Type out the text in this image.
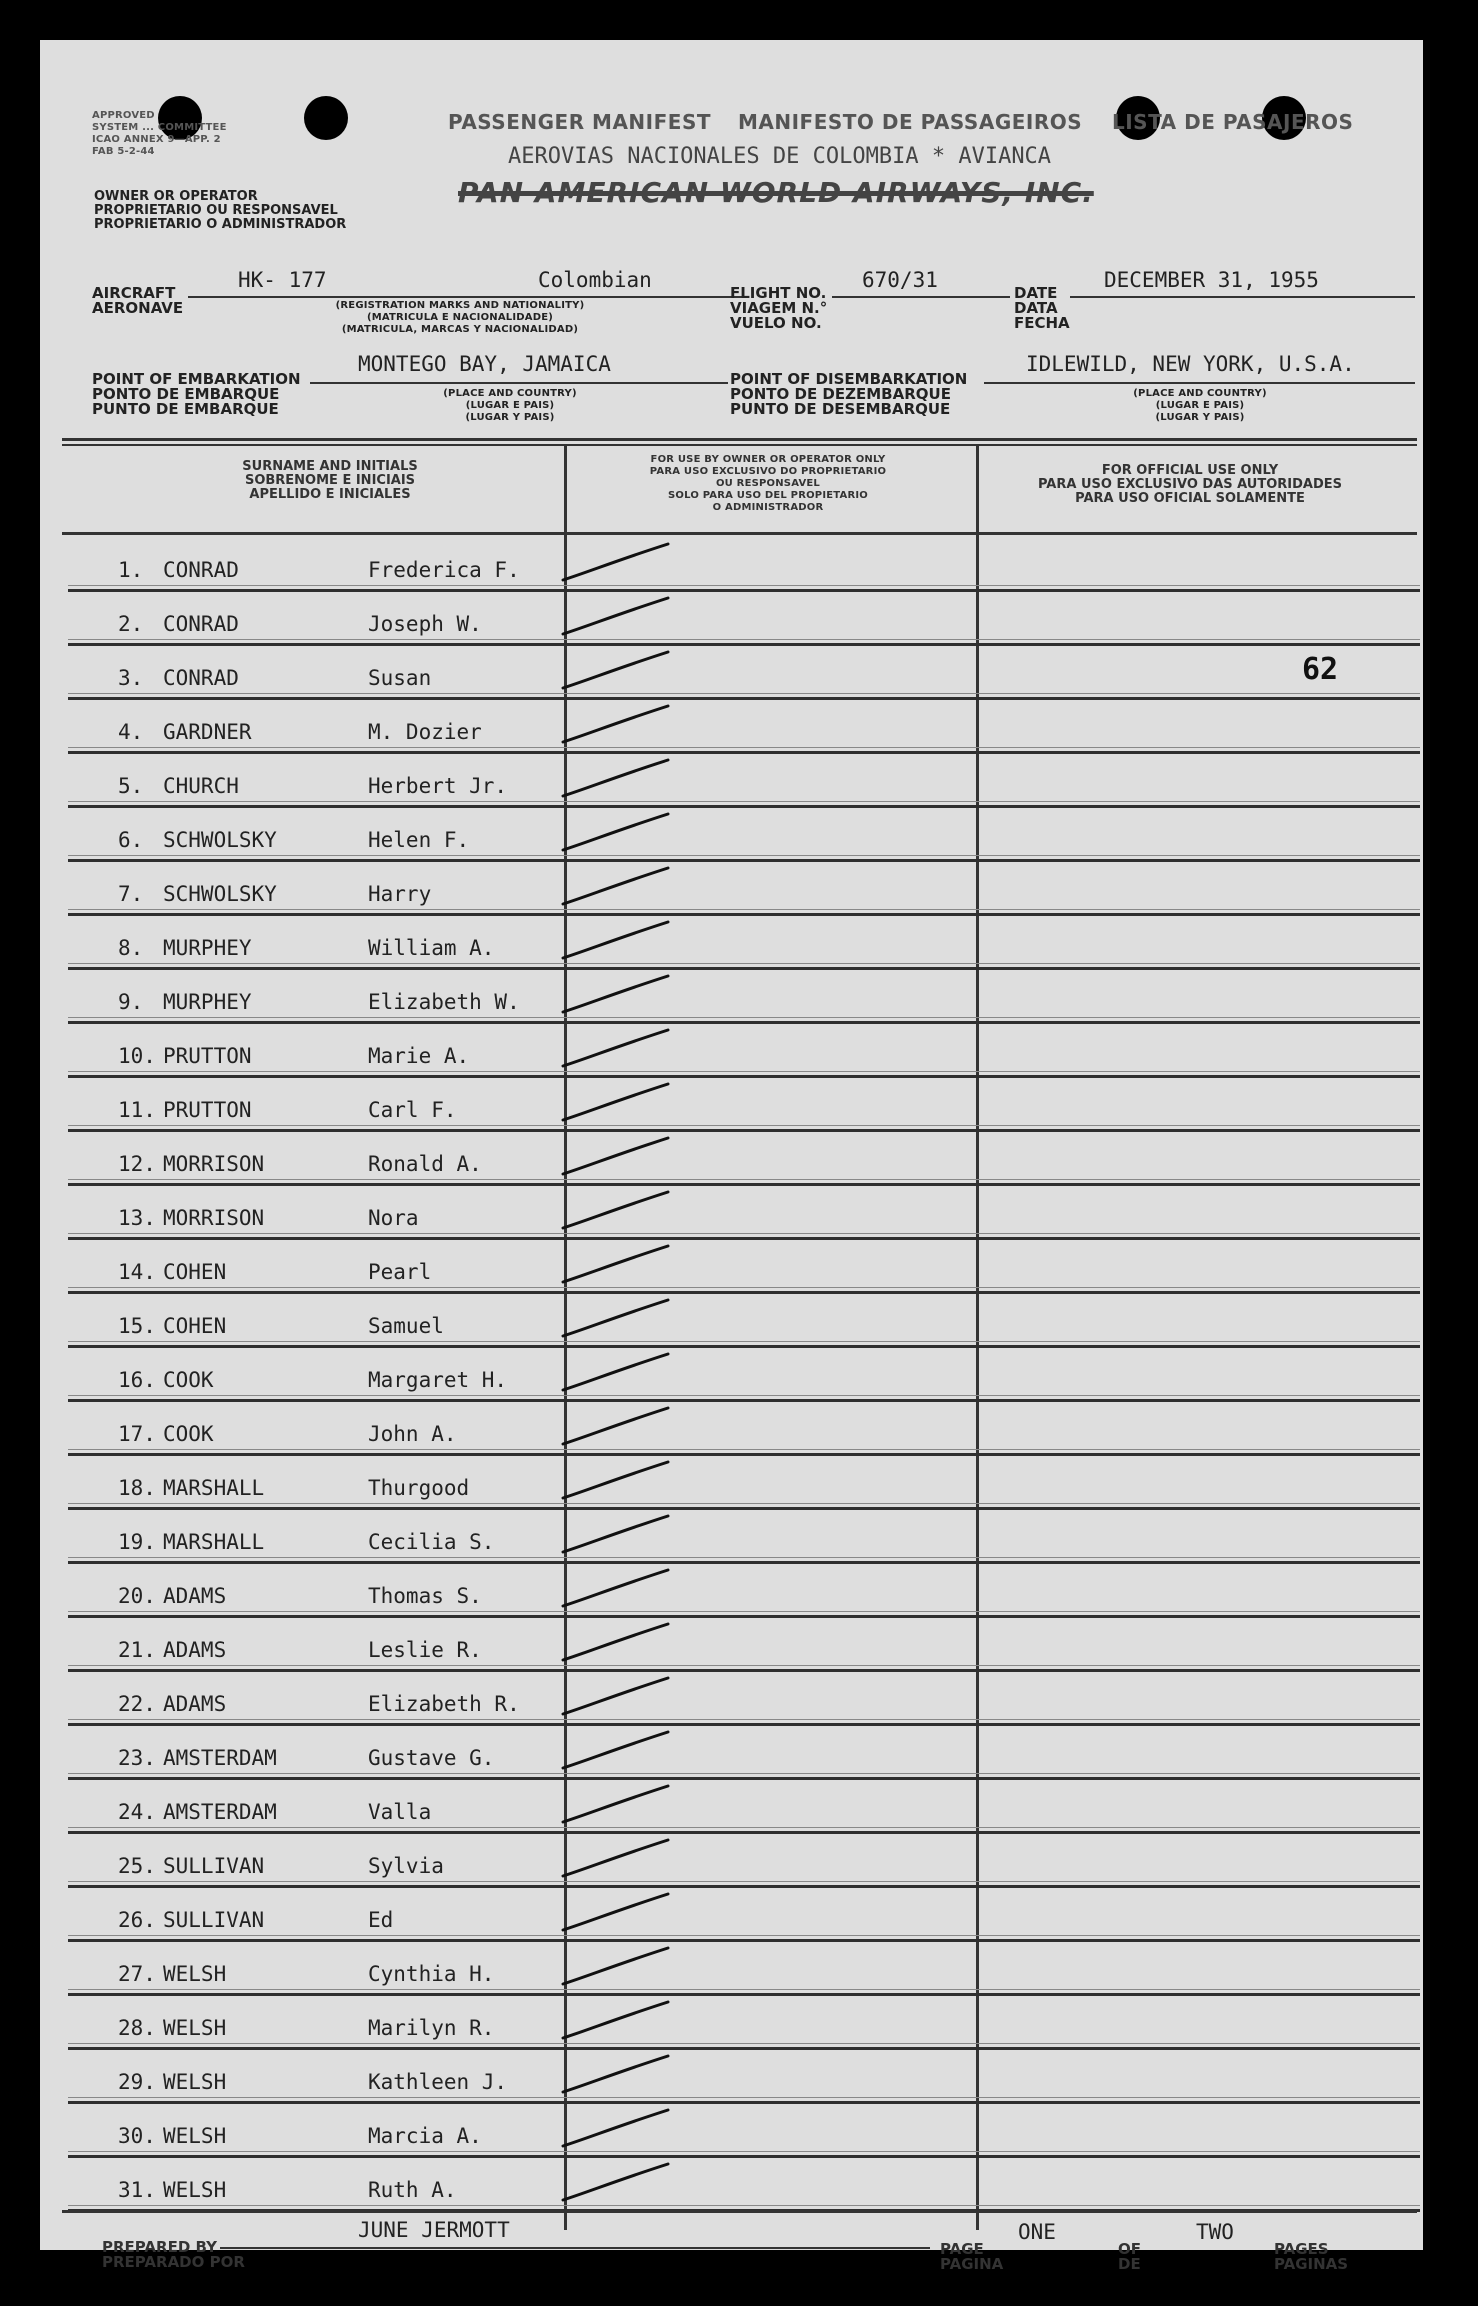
APPROVED
SYSTEM ... COMMITTEE
ICAO ANNEX 9—APP. 2
FAB 5-2-44
OWNER OR OPERATOR
PROPRIETARIO OU RESPONSAVEL
PROPRIETARIO O ADMINISTRADOR
PASSENGER MANIFEST MANIFESTO DE PASSAGEIROS LISTA DE PASAJEROS
AEROVIAS NACIONALES DE COLOMBIA * AVIANCA
PAN AMERICAN WORLD AIRWAYS, INC.
AIRCRAFT
AERONAVE
HK- 177	Colombian
(REGISTRATION MARKS AND NATIONALITY)
(MATRICULA E NACIONALIDADE)
(MATRICULA, MARCAS Y NACIONALIDAD)
FLIGHT NO.
VIAGEM N.°
VUELO NO.
670/31
DATE
DATA
FECHA
DECEMBER 31, 1955
POINT OF EMBARKATION
PONTO DE EMBARQUE
PUNTO DE EMBARQUE
MONTEGO BAY, JAMAICA
(PLACE AND COUNTRY)
(LUGAR E PAIS)
(LUGAR Y PAIS)
POINT OF DISEMBARKATION
PONTO DE DEZEMBARQUE
PUNTO DE DESEMBARQUE
IDLEWILD, NEW YORK, U.S.A.
(PLACE AND COUNTRY)
(LUGAR E PAIS)
(LUGAR Y PAIS)
SURNAME AND INITIALS
SOBRENOME E INICIAIS
APELLIDO E INICIALES
FOR USE BY OWNER OR OPERATOR ONLY
PARA USO EXCLUSIVO DO PROPRIETARIO
OU RESPONSAVEL
SOLO PARA USO DEL PROPIETARIO
O ADMINISTRADOR
FOR OFFICIAL USE ONLY
PARA USO EXCLUSIVO DAS AUTORIDADES
PARA USO OFICIAL SOLAMENTE
62
1. CONRAD	Frederica F.
2. CONRAD	Joseph W.
3. CONRAD	Susan
4. GARDNER	M. Dozier
5. CHURCH	Herbert Jr.
6. SCHWOLSKY	Helen F.
7. SCHWOLSKY	Harry
8. MURPHEY	William A.
9. MURPHEY	Elizabeth W.
10. PRUTTON	Marie A.
11. PRUTTON	Carl F.
12. MORRISON	Ronald A.
13. MORRISON	Nora
14. COHEN	Pearl
15. COHEN	Samuel
16. COOK	Margaret H.
17. COOK	John A.
18. MARSHALL	Thurgood
19. MARSHALL	Cecilia S.
20. ADAMS	Thomas S.
21. ADAMS	Leslie R.
22. ADAMS	Elizabeth R.
23. AMSTERDAM	Gustave G.
24. AMSTERDAM	Valla
25. SULLIVAN	Sylvia
26. SULLIVAN	Ed
27. WELSH	Cynthia H.
28. WELSH	Marilyn R.
29. WELSH	Kathleen J.
30. WELSH	Marcia A.
31. WELSH	Ruth A.
PREPARED BY
PREPARADO POR
JUNE JERMOTT
PAGE
PAGINA
ONE
OF
DE
TWO
PAGES
PAGINAS
